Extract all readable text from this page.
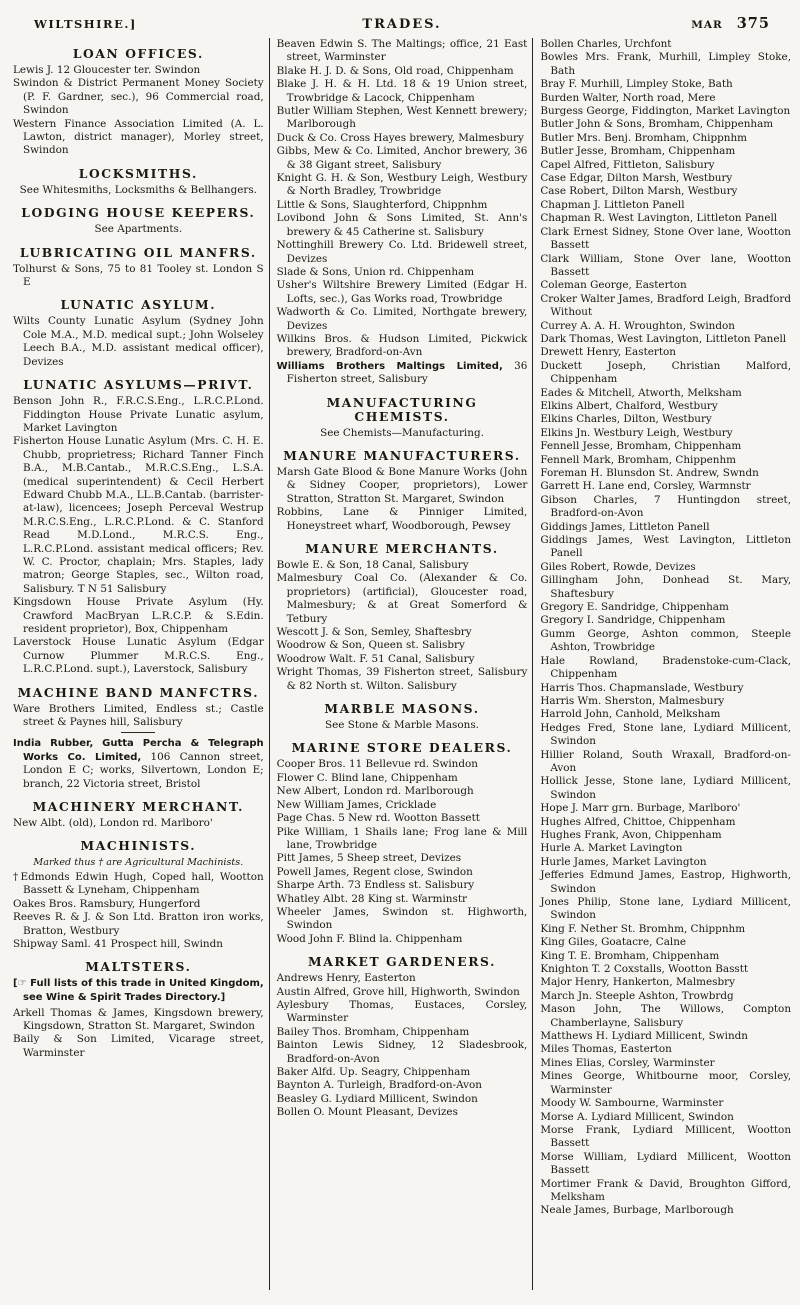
WILTSHIRE.]	TRADES.	MAR 375
LOAN OFFICES.
Lewis J. 12 Gloucester ter. Swindon
Swindon & District Permanent Money Society (P. F. Gardner, sec.), 96 Commercial road, Swindon
Western Finance Association Limited (A. L. Lawton, district manager), Morley street, Swindon
LOCKSMITHS.
See Whitesmiths, Locksmiths & Bellhangers.
LODGING HOUSE KEEPERS.
See Apartments.
LUBRICATING OIL MANFRS.
Tolhurst & Sons, 75 to 81 Tooley st. London S E
LUNATIC ASYLUM.
Wilts County Lunatic Asylum (Sydney John Cole M.A., M.D. medical supt.; John Wolseley Leech B.A., M.D. assistant medical officer), Devizes
LUNATIC ASYLUMS—PRIVT.
Benson John R., F.R.C.S.Eng., L.R.C.P.Lond. Fiddington House Private Lunatic asylum, Market Lavington
Fisherton House Lunatic Asylum (Mrs. C. H. E. Chubb, proprietress; Richard Tanner Finch B.A., M.B.Cantab., M.R.C.S.Eng., L.S.A. (medical superintendent) & Cecil Herbert Edward Chubb M.A., LL.B.Cantab. (barrister-at-law), licencees; Joseph Perceval Westrup M.R.C.S.Eng., L.R.C.P.Lond. & C. Stanford Read M.D.Lond., M.R.C.S. Eng., L.R.C.P.Lond. assistant medical officers; Rev. W. C. Proctor, chaplain; Mrs. Staples, lady matron; George Staples, sec., Wilton road, Salisbury. T N 51 Salisbury
Kingsdown House Private Asylum (Hy. Crawford MacBryan L.R.C.P. & S.Edin. resident proprietor), Box, Chippenham
Laverstock House Lunatic Asylum (Edgar Curnow Plummer M.R.C.S. Eng., L.R.C.P.Lond. supt.), Laverstock, Salisbury
MACHINE BAND MANFCTRS.
Ware Brothers Limited, Endless st.; Castle street & Paynes hill, Salisbury
India Rubber, Gutta Percha & Telegraph Works Co. Limited, 106 Cannon street, London E C; works, Silvertown, London E; branch, 22 Victoria street, Bristol
MACHINERY MERCHANT.
New Albt. (old), London rd. Marlboro'
MACHINISTS.
Marked thus † are Agricultural Machinists.
†Edmonds Edwin Hugh, Coped hall, Wootton Bassett & Lyneham, Chippenham
Oakes Bros. Ramsbury, Hungerford
Reeves R. & J. & Son Ltd. Bratton iron works, Bratton, Westbury
Shipway Saml. 41 Prospect hill, Swindn
MALTSTERS.
[☞ Full lists of this trade in United Kingdom, see Wine & Spirit Trades Directory.]
Arkell Thomas & James, Kingsdown brewery, Kingsdown, Stratton St. Margaret, Swindon
Baily & Son Limited, Vicarage street, Warminster
Beaven Edwin S. The Maltings; office, 21 East street, Warminster
Blake H. J. D. & Sons, Old road, Chippenham
Blake J. H. & H. Ltd. 18 & 19 Union street, Trowbridge & Lacock, Chippenham
Butler William Stephen, West Kennett brewery; Marlborough
Duck & Co. Cross Hayes brewery, Malmesbury
Gibbs, Mew & Co. Limited, Anchor brewery, 36 & 38 Gigant street, Salisbury
Knight G. H. & Son, Westbury Leigh, Westbury & North Bradley, Trowbridge
Little & Sons, Slaughterford, Chippnhm
Lovibond John & Sons Limited, St. Ann's brewery & 45 Catherine st. Salisbury
Nottinghill Brewery Co. Ltd. Bridewell street, Devizes
Slade & Sons, Union rd. Chippenham
Usher's Wiltshire Brewery Limited (Edgar H. Lofts, sec.), Gas Works road, Trowbridge
Wadworth & Co. Limited, Northgate brewery, Devizes
Wilkins Bros. & Hudson Limited, Pickwick brewery, Bradford-on-Avn
Williams Brothers Maltings Limited, 36 Fisherton street, Salisbury
MANUFACTURING CHEMISTS.
See Chemists—Manufacturing.
MANURE MANUFACTURERS.
Marsh Gate Blood & Bone Manure Works (John & Sidney Cooper, proprietors), Lower Stratton, Stratton St. Margaret, Swindon
Robbins, Lane & Pinniger Limited, Honeystreet wharf, Woodborough, Pewsey
MANURE MERCHANTS.
Bowle E. & Son, 18 Canal, Salisbury
Malmesbury Coal Co. (Alexander & Co. proprietors) (artificial), Gloucester road, Malmesbury; & at Great Somerford & Tetbury
Wescott J. & Son, Semley, Shaftesbry
Woodrow & Son, Queen st. Salisbry
Woodrow Walt. F. 51 Canal, Salisbury
Wright Thomas, 39 Fisherton street, Salisbury & 82 North st. Wilton. Salisbury
MARBLE MASONS.
See Stone & Marble Masons.
MARINE STORE DEALERS.
Cooper Bros. 11 Bellevue rd. Swindon
Flower C. Blind lane, Chippenham
New Albert, London rd. Marlborough
New William James, Cricklade
Page Chas. 5 New rd. Wootton Bassett
Pike William, 1 Shails lane; Frog lane & Mill lane, Trowbridge
Pitt James, 5 Sheep street, Devizes
Powell James, Regent close, Swindon
Sharpe Arth. 73 Endless st. Salisbury
Whatley Albt. 28 King st. Warminstr
Wheeler James, Swindon st. Highworth, Swindon
Wood John F. Blind la. Chippenham
MARKET GARDENERS.
Andrews Henry, Easterton
Austin Alfred, Grove hill, Highworth, Swindon
Aylesbury Thomas, Eustaces, Corsley, Warminster
Bailey Thos. Bromham, Chippenham
Bainton Lewis Sidney, 12 Sladesbrook, Bradford-on-Avon
Baker Alfd. Up. Seagry, Chippenham
Baynton A. Turleigh, Bradford-on-Avon
Beasley G. Lydiard Millicent, Swindon
Bollen O. Mount Pleasant, Devizes
Bollen Charles, Urchfont
Bowles Mrs. Frank, Murhill, Limpley Stoke, Bath
Bray F. Murhill, Limpley Stoke, Bath
Burden Walter, North road, Mere
Burgess George, Fiddington, Market Lavington
Butler John & Sons, Bromham, Chippenham
Butler Mrs. Benj. Bromham, Chippnhm
Butler Jesse, Bromham, Chippenham
Capel Alfred, Fittleton, Salisbury
Case Edgar, Dilton Marsh, Westbury
Case Robert, Dilton Marsh, Westbury
Chapman J. Littleton Panell
Chapman R. West Lavington, Littleton Panell
Clark Ernest Sidney, Stone Over lane, Wootton Bassett
Clark William, Stone Over lane, Wootton Bassett
Coleman George, Easterton
Croker Walter James, Bradford Leigh, Bradford Without
Currey A. A. H. Wroughton, Swindon
Dark Thomas, West Lavington, Littleton Panell
Drewett Henry, Easterton
Duckett Joseph, Christian Malford, Chippenham
Eades & Mitchell, Atworth, Melksham
Elkins Albert, Chalford, Westbury
Elkins Charles, Dilton, Westbury
Elkins Jn. Westbury Leigh, Westbury
Fennell Jesse, Bromham, Chippenham
Fennell Mark, Bromham, Chippenhm
Foreman H. Blunsdon St. Andrew, Swndn
Garrett H. Lane end, Corsley, Warmnstr
Gibson Charles, 7 Huntingdon street, Bradford-on-Avon
Giddings James, Littleton Panell
Giddings James, West Lavington, Littleton Panell
Giles Robert, Rowde, Devizes
Gillingham John, Donhead St. Mary, Shaftesbury
Gregory E. Sandridge, Chippenham
Gregory I. Sandridge, Chippenham
Gumm George, Ashton common, Steeple Ashton, Trowbridge
Hale Rowland, Bradenstoke-cum-Clack, Chippenham
Harris Thos. Chapmanslade, Westbury
Harris Wm. Sherston, Malmesbury
Harrold John, Canhold, Melksham
Hedges Fred, Stone lane, Lydiard Millicent, Swindon
Hillier Roland, South Wraxall, Bradford-on-Avon
Hollick Jesse, Stone lane, Lydiard Millicent, Swindon
Hope J. Marr grn. Burbage, Marlboro'
Hughes Alfred, Chittoe, Chippenham
Hughes Frank, Avon, Chippenham
Hurle A. Market Lavington
Hurle James, Market Lavington
Jefferies Edmund James, Eastrop, Highworth, Swindon
Jones Philip, Stone lane, Lydiard Millicent, Swindon
King F. Nether St. Bromhm, Chippnhm
King Giles, Goatacre, Calne
King T. E. Bromham, Chippenham
Knighton T. 2 Coxstalls, Wootton Basstt
Major Henry, Hankerton, Malmesbry
March Jn. Steeple Ashton, Trowbrdg
Mason John, The Willows, Compton Chamberlayne, Salisbury
Matthews H. Lydiard Millicent, Swindn
Miles Thomas, Easterton
Mines Elias, Corsley, Warminster
Mines George, Whitbourne moor, Corsley, Warminster
Moody W. Sambourne, Warminster
Morse A. Lydiard Millicent, Swindon
Morse Frank, Lydiard Millicent, Wootton Bassett
Morse William, Lydiard Millicent, Wootton Bassett
Mortimer Frank & David, Broughton Gifford, Melksham
Neale James, Burbage, Marlborough
